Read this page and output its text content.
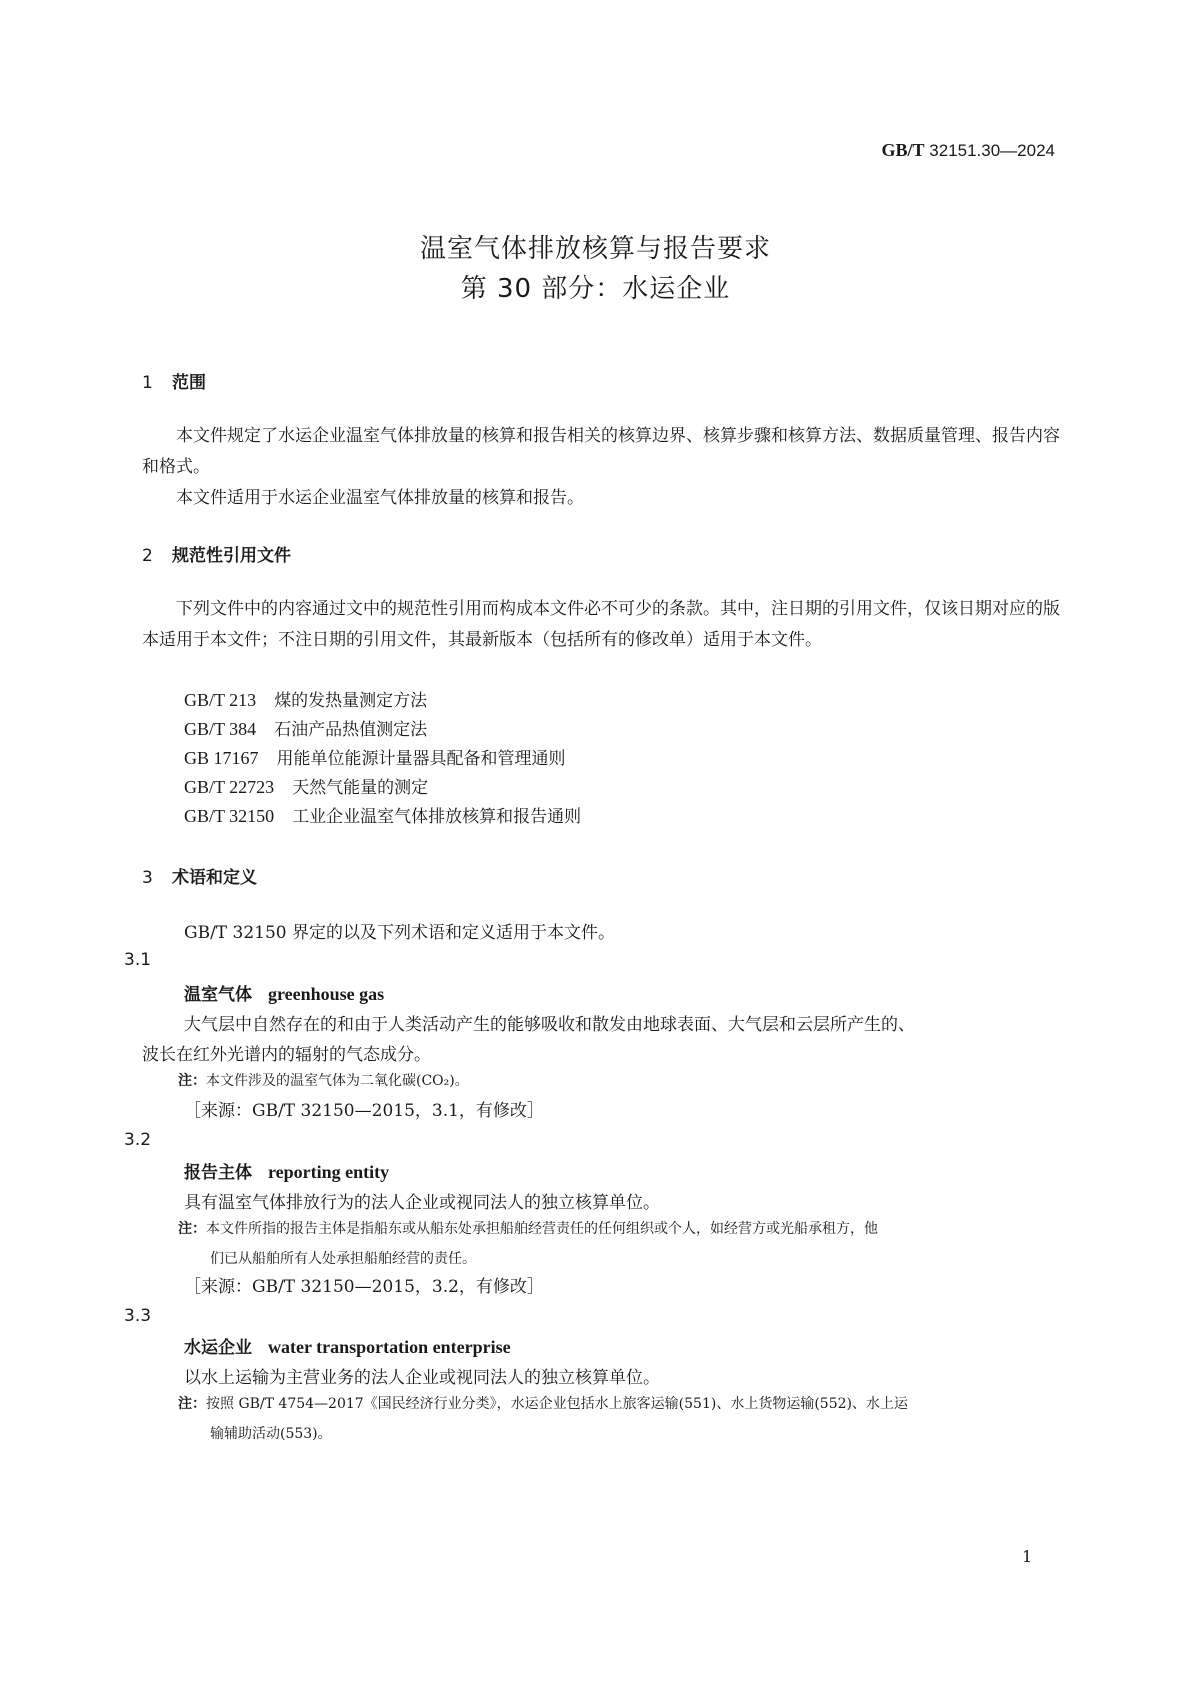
GB/T 32151.30—2024
温室气体排放核算与报告要求
第 30 部分：水运企业
1 范围
本文件规定了水运企业温室气体排放量的核算和报告相关的核算边界、核算步骤和核算方法、数据质量管理、报告内容和格式。
本文件适用于水运企业温室气体排放量的核算和报告。
2 规范性引用文件
下列文件中的内容通过文中的规范性引用而构成本文件必不可少的条款。其中，注日期的引用文件，仅该日期对应的版本适用于本文件；不注日期的引用文件，其最新版本（包括所有的修改单）适用于本文件。
GB/T 213 煤的发热量测定方法
GB/T 384 石油产品热值测定法
GB 17167 用能单位能源计量器具配备和管理通则
GB/T 22723 天然气能量的测定
GB/T 32150 工业企业温室气体排放核算和报告通则
3 术语和定义
GB/T 32150 界定的以及下列术语和定义适用于本文件。
3.1
温室气体 greenhouse gas
大气层中自然存在的和由于人类活动产生的能够吸收和散发由地球表面、大气层和云层所产生的、
波长在红外光谱内的辐射的气态成分。
注：本文件涉及的温室气体为二氧化碳(CO₂)。
［来源：GB/T 32150—2015，3.1，有修改］
3.2
报告主体 reporting entity
具有温室气体排放行为的法人企业或视同法人的独立核算单位。
注：本文件所指的报告主体是指船东或从船东处承担船舶经营责任的任何组织或个人，如经营方或光船承租方，他
们已从船舶所有人处承担船舶经营的责任。
［来源：GB/T 32150—2015，3.2，有修改］
3.3
水运企业 water transportation enterprise
以水上运输为主营业务的法人企业或视同法人的独立核算单位。
注：按照 GB/T 4754—2017《国民经济行业分类》，水运企业包括水上旅客运输(551)、水上货物运输(552)、水上运
输辅助活动(553)。
1
